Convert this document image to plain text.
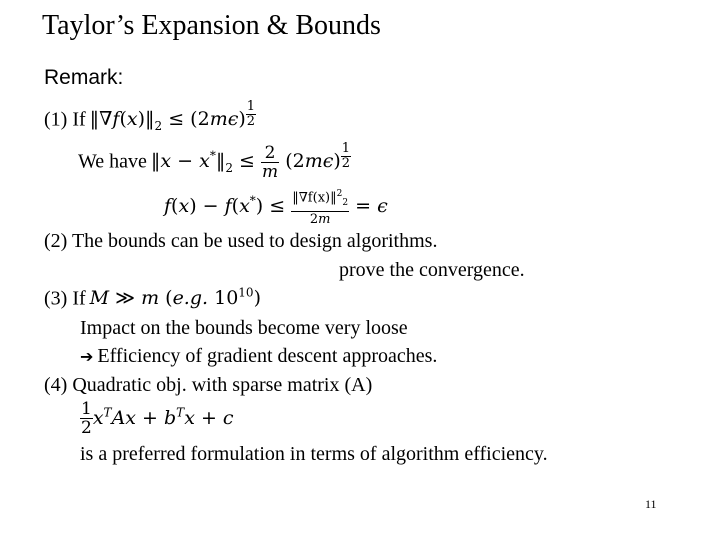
Taylor’s Expansion & Bounds
Remark:
(1) If $‖\nabla f(x)‖_2 \le (2m\epsilon)$ $^{\frac{1}{2}}$
We have ‖x − $x^*‖_2 \le \frac{2}{m} (2m\epsilon)$ $^{\frac{1}{2}}$
$f(x) - f(x^*) \le \frac{‖\nabla f(x)‖^2_2}{2m} = \epsilon$
(2) The bounds can be used to design algorithms.
prove the convergence.
(3) If M ≫ m (e.g. $10^{10}$)
Impact on the bounds become very loose
➔ Efficiency of gradient descent approaches.
(4) Quadratic obj. with sparse matrix (A)
$\frac{1}{2} x^TAx + b^Tx + c$
is a preferred formulation in terms of algorithm efficiency.
11
